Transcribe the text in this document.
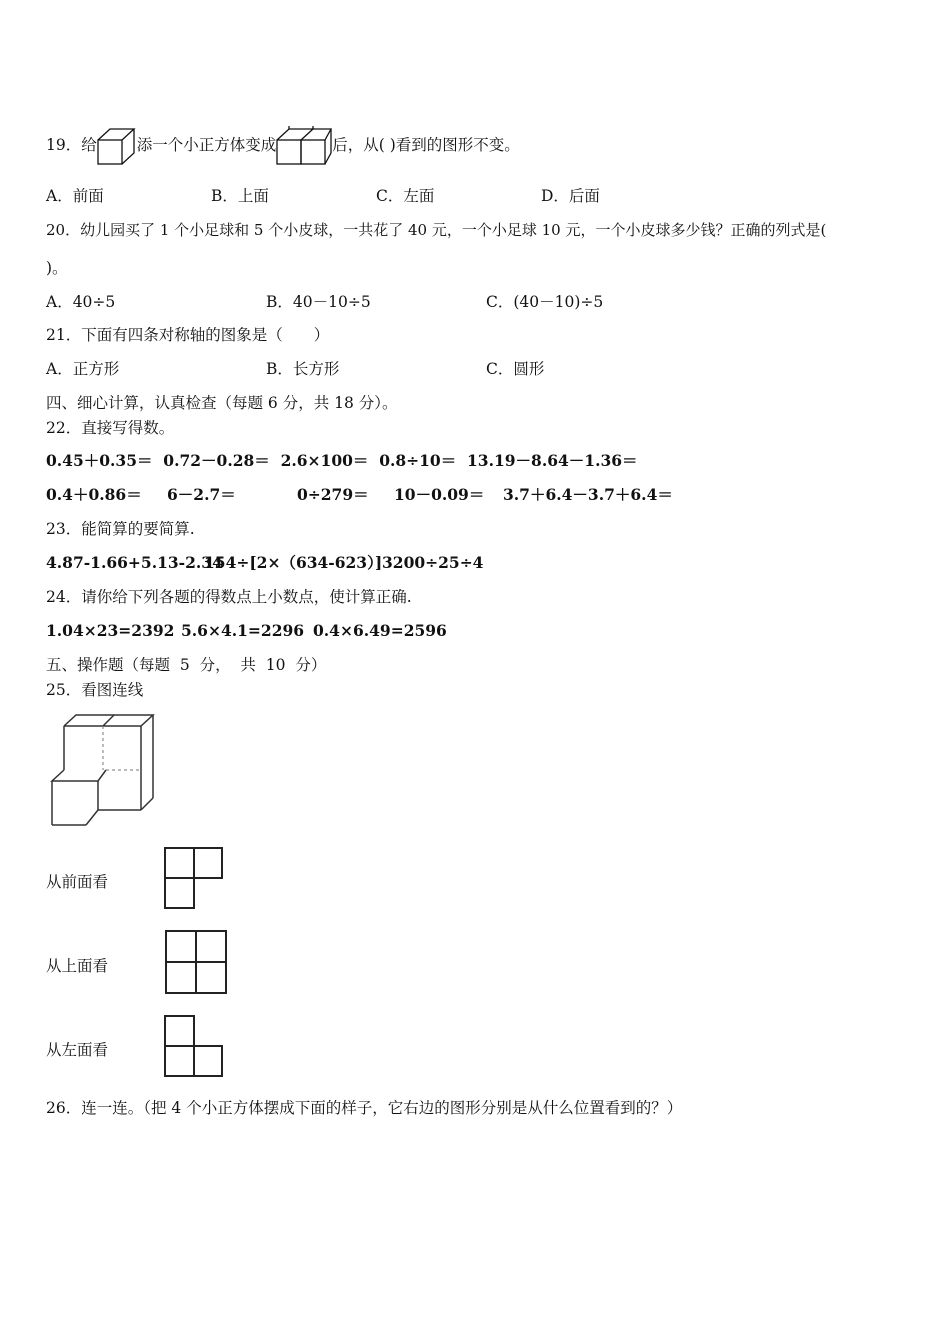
19．给	添一个小正方体变成	后，从( )看到的图形不变。
A．前面	B．上面	C．左面	D．后面
20．幼儿园买了 1 个小足球和 5 个小皮球，一共花了 40 元，一个小足球 10 元，一个小皮球多少钱？正确的列式是(
)。
A．40÷5	B．40－10÷5	C．(40－10)÷5
21．下面有四条对称轴的图象是（　　）
A．正方形	B．长方形	C．圆形
四、细心计算，认真检查（每题 6 分，共 18 分）。
22．直接写得数。
0.45＋0.35＝  0.72－0.28＝  2.6×100＝  0.8÷10＝  13.19－8.64－1.36＝
0.4＋0.86＝ 6－2.7＝	0÷279＝ 10－0.09＝ 3.7＋6.4－3.7＋6.4＝
23．能简算的要简算.
4.87-1.66+5.13-2.34
154÷[2×（634-623）] 3200÷25÷4
24．请你给下列各题的得数点上小数点，使计算正确.
1.04×23=2392 5.6×4.1=2296 0.4×6.49=2596
五、操作题（每题  5  分，  共  10  分）
25．看图连线
从前面看
从上面看
从左面看
26．连一连。（把 4 个小正方体摆成下面的样子，它右边的图形分别是从什么位置看到的？）
